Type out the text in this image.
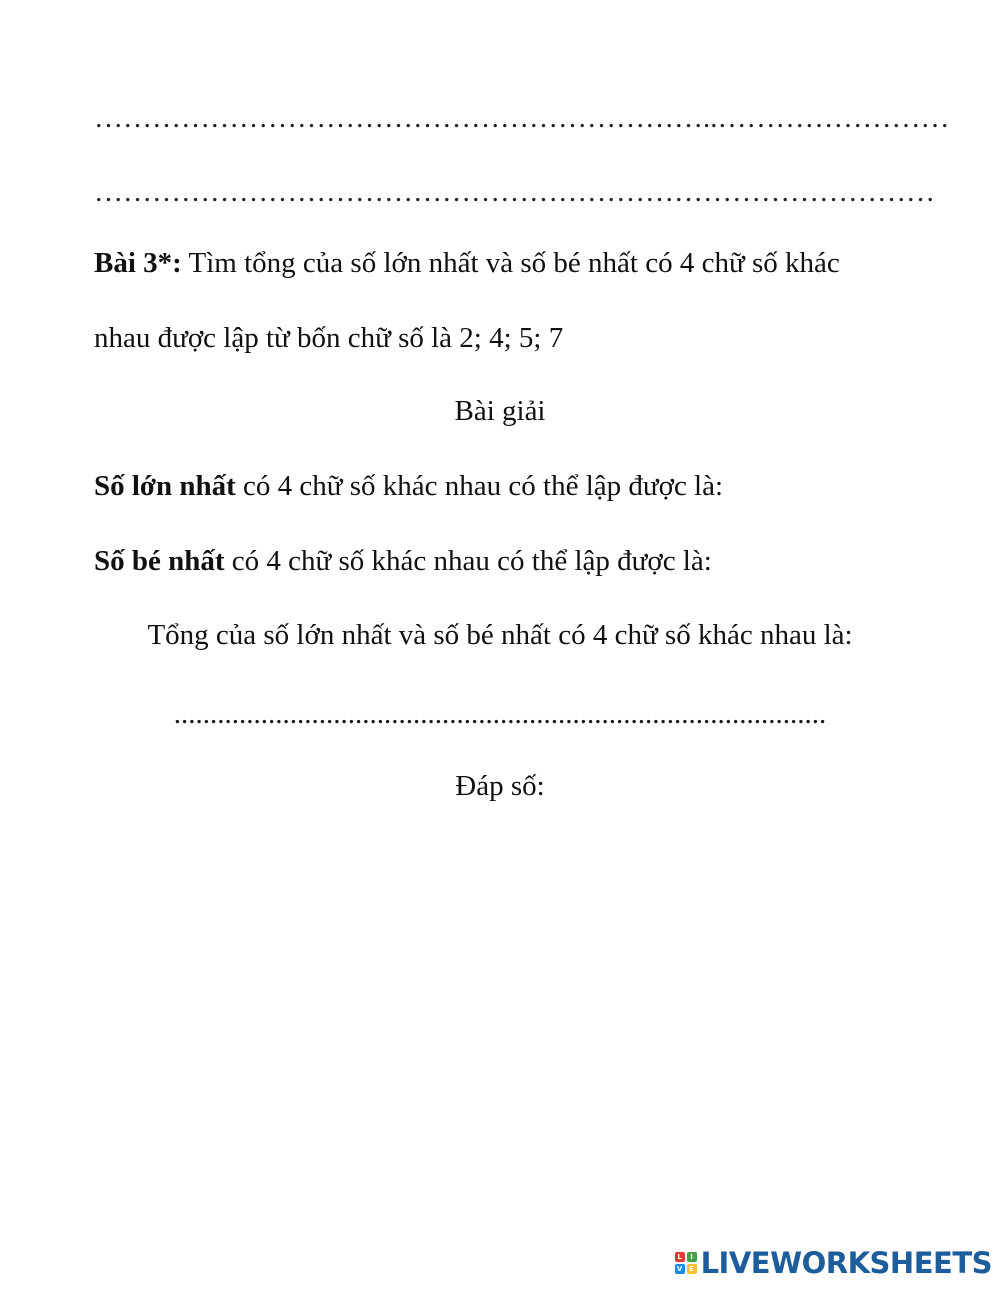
………………………………………………………..……………………
……………………………………………………………………………
Bài 3*: Tìm tổng của số lớn nhất và số bé nhất có 4 chữ số khác
nhau được lập từ bốn chữ số là 2; 4; 5; 7
Bài giải
Số lớn nhất có 4 chữ số khác nhau có thể lập được là:
Số bé nhất có 4 chữ số khác nhau có thể lập được là:
Tổng của số lớn nhất và số bé nhất có 4 chữ số khác nhau là:
..........................................................................................
Đáp số:
L	I
V E LIVEWORKSHEETS
